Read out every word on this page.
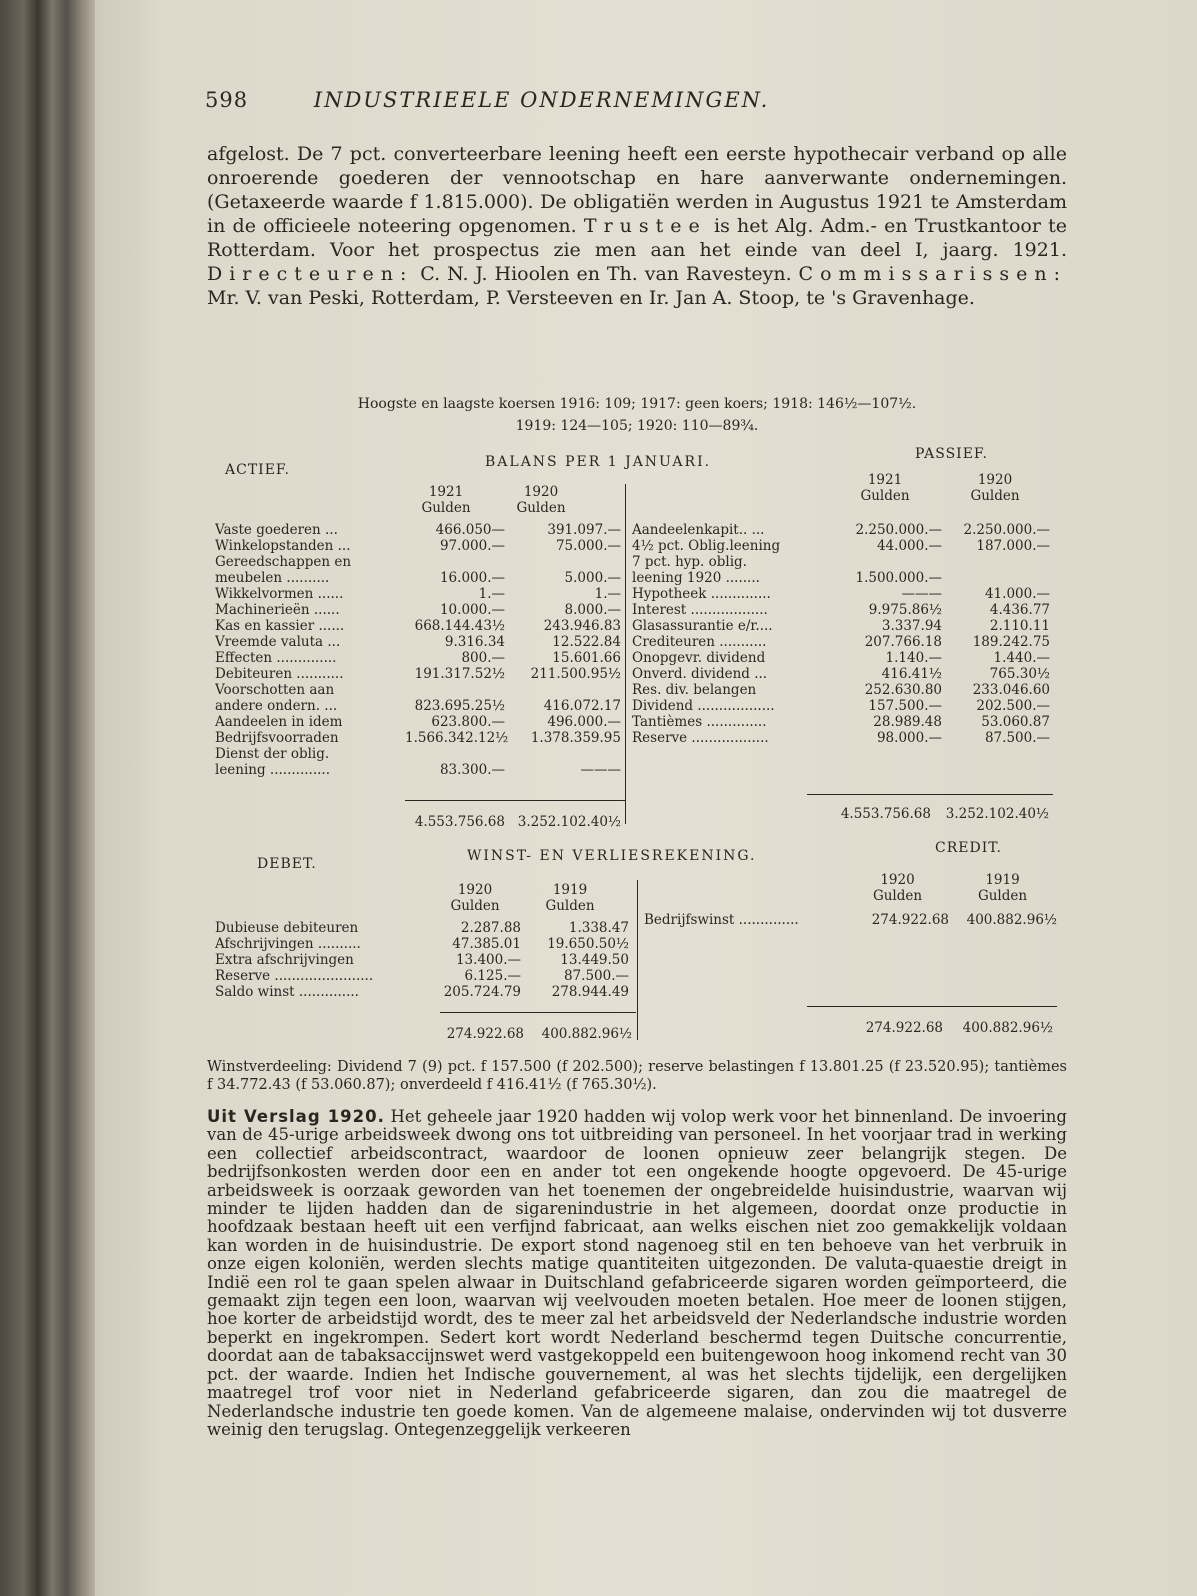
598	INDUSTRIEELE ONDERNEMINGEN.
afgelost. De 7 pct. converteerbare leening heeft een eerste hypothecair verband op alle onroerende goederen der vennootschap en hare aanverwante ondernemingen. (Getaxeerde waarde f 1.815.000). De obligatiën werden in Augustus 1921 te Amsterdam in de officieele noteering opgenomen. Trustee is het Alg. Adm.- en Trustkantoor te Rotterdam. Voor het prospectus zie men aan het einde van deel I, jaarg. 1921. Directeuren: C. N. J. Hioolen en Th. van Ravesteyn. Commissarissen: Mr. V. van Peski, Rotterdam, P. Versteeven en Ir. Jan A. Stoop, te 's Gravenhage.
Hoogste en laagste koersen 1916: 109; 1917: geen koers; 1918: 146½—107½.
1919: 124—105; 1920: 110—89¾.
ACTIEF.	BALANS PER 1 JANUARI.	PASSIEF.
1921	1920
Gulden	Gulden
1921	1920
Gulden	Gulden
Vaste goederen ...	466.050—	391.097.—
Winkelopstanden ...	97.000.—	75.000.—
Gereedschappen en
meubelen ..........	16.000.—	5.000.—
Wikkelvormen ......	1.—	1.—
Machinerieën ......	10.000.—	8.000.—
Kas en kassier ......	668.144.43½	243.946.83
Vreemde valuta ...	9.316.34	12.522.84
Effecten ..............	800.—	15.601.66
Debiteuren ...........	191.317.52½	211.500.95½
Voorschotten aan
andere ondern. ...	823.695.25½	416.072.17
Aandeelen in idem	623.800.—	496.000.—
Bedrijfsvoorraden	1.566.342.12½	1.378.359.95
Dienst der oblig.
leening ..............	83.300.—	———
Aandeelenkapit.. ...	2.250.000.—	2.250.000.—
4½ pct. Oblig.leening	44.000.—	187.000.—
7 pct. hyp. oblig.
leening 1920 ........	1.500.000.—
Hypotheek ..............	———	41.000.—
Interest ..................	9.975.86½	4.436.77
Glasassurantie e/r....	3.337.94	2.110.11
Crediteuren ...........	207.766.18	189.242.75
Onopgevr. dividend	1.140.—	1.440.—
Onverd. dividend ...	416.41½	765.30½
Res. div. belangen	252.630.80	233.046.60
Dividend ..................	157.500.—	202.500.—
Tantièmes ..............	28.989.48	53.060.87
Reserve ..................	98.000.—	87.500.—
4.553.756.68 3.252.102.40½	4.553.756.68	3.252.102.40½
DEBET.	WINST- EN VERLIESREKENING.	CREDIT.
1920	1919
Gulden	Gulden
1920	1919
Gulden	Gulden
Dubieuse debiteuren	2.287.88	1.338.47
Afschrijvingen ..........	47.385.01	19.650.50½
Extra afschrijvingen	13.400.—	13.449.50
Reserve .......................	6.125.—	87.500.—
Saldo winst ..............	205.724.79	278.944.49
Bedrijfswinst ..............	274.922.68	400.882.96½
274.922.68	400.882.96½	274.922.68	400.882.96½
Winstverdeeling: Dividend 7 (9) pct. f 157.500 (f 202.500); reserve belastingen f 13.801.25 (f 23.520.95); tantièmes f 34.772.43 (f 53.060.87); onverdeeld f 416.41½ (f 765.30½).
Uit Verslag 1920. Het geheele jaar 1920 hadden wij volop werk voor het binnenland. De invoering van de 45-urige arbeidsweek dwong ons tot uitbreiding van personeel. In het voorjaar trad in werking een collectief arbeidscontract, waardoor de loonen opnieuw zeer belangrijk stegen. De bedrijfsonkosten werden door een en ander tot een ongekende hoogte opgevoerd. De 45-urige arbeidsweek is oorzaak geworden van het toenemen der ongebreidelde huisindustrie, waarvan wij minder te lijden hadden dan de sigarenindustrie in het algemeen, doordat onze productie in hoofdzaak bestaan heeft uit een verfijnd fabricaat, aan welks eischen niet zoo gemakkelijk voldaan kan worden in de huisindustrie. De export stond nagenoeg stil en ten behoeve van het verbruik in onze eigen koloniën, werden slechts matige quantiteiten uitgezonden. De valuta-quaestie dreigt in Indië een rol te gaan spelen alwaar in Duitschland gefabriceerde sigaren worden geïmporteerd, die gemaakt zijn tegen een loon, waarvan wij veelvouden moeten betalen. Hoe meer de loonen stijgen, hoe korter de arbeidstijd wordt, des te meer zal het arbeidsveld der Nederlandsche industrie worden beperkt en ingekrompen. Sedert kort wordt Nederland beschermd tegen Duitsche concurrentie, doordat aan de tabaksaccijnswet werd vastgekoppeld een buitengewoon hoog inkomend recht van 30 pct. der waarde. Indien het Indische gouvernement, al was het slechts tijdelijk, een dergelijken maatregel trof voor niet in Nederland gefabriceerde sigaren, dan zou die maatregel de Nederlandsche industrie ten goede komen. Van de algemeene malaise, ondervinden wij tot dusverre weinig den terugslag. Ontegenzeggelijk verkeeren
